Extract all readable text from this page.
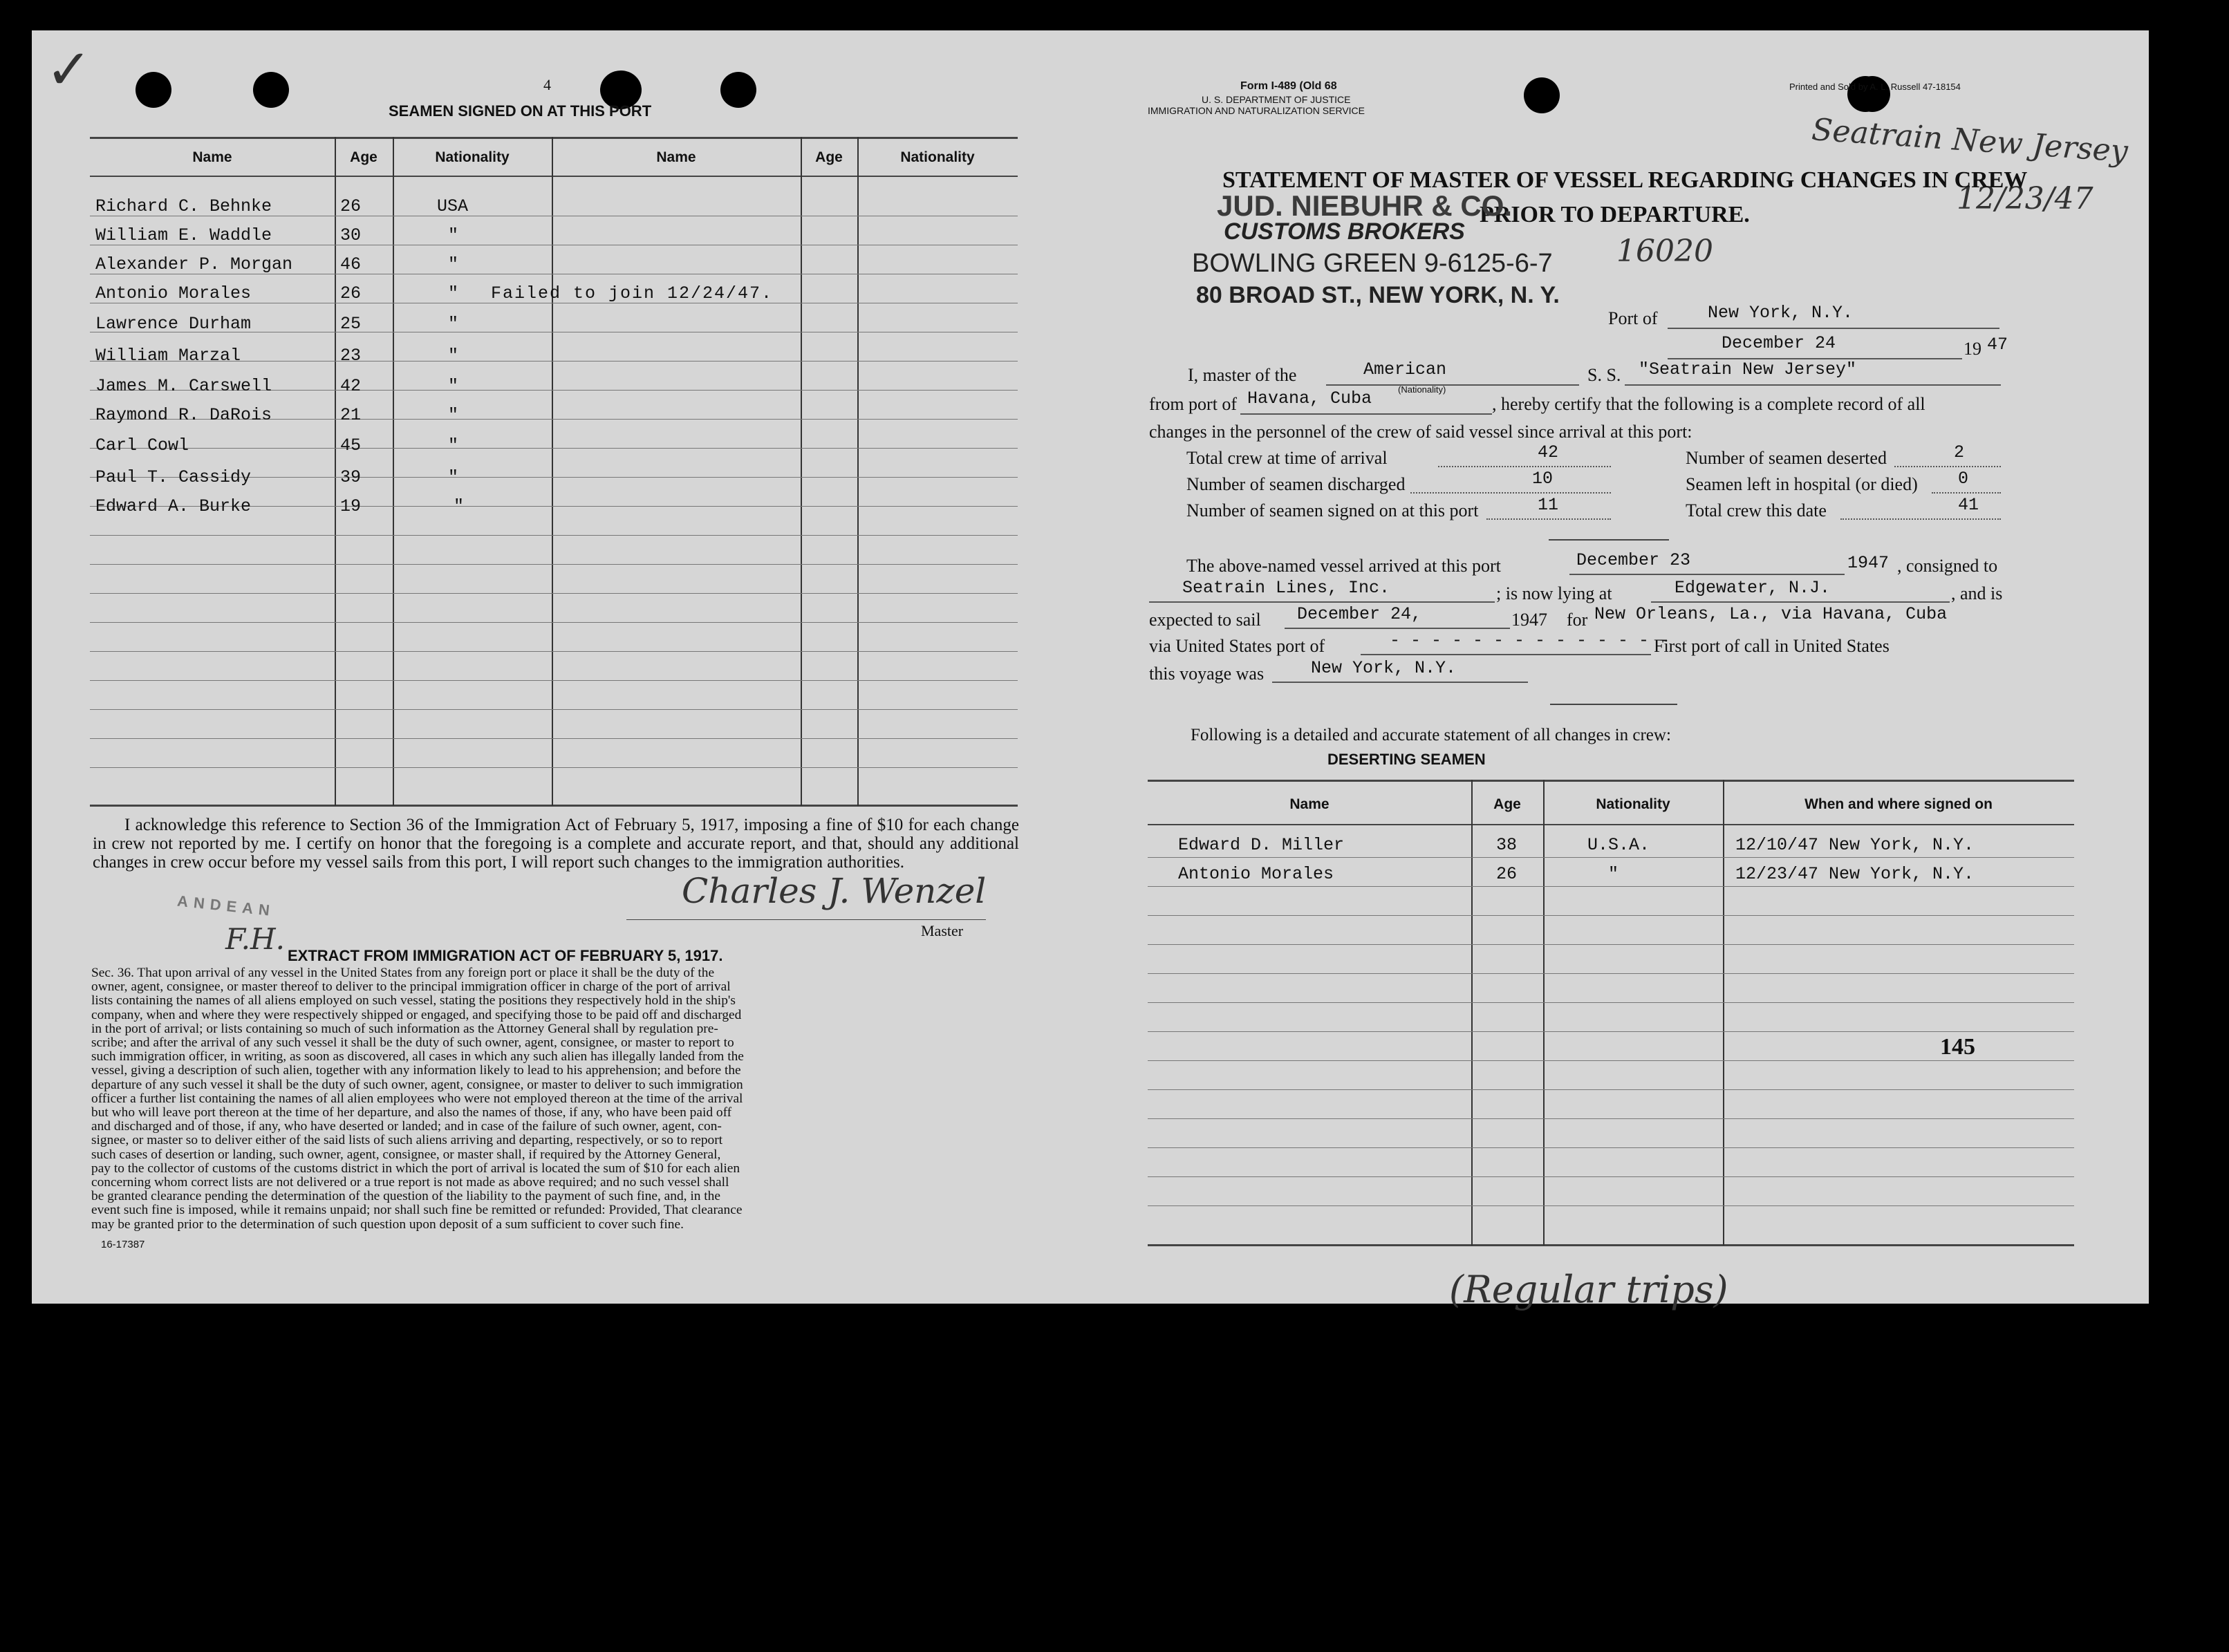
✓	4
SEAMEN SIGNED ON AT THIS PORT
Name	Age	Nationality	Name	Age	Nationality
Richard C. Behnke	26	USA
William E. Waddle	30	"
Alexander P. Morgan	46	"
Antonio Morales	26	" Failed to join 12/24/47.
Lawrence Durham	25	"
William Marzal	23	"
James M. Carswell	42	"
Raymond R. DaRois	21	"
Carl Cowl	45	"
Paul T. Cassidy	39	"
Edward A. Burke	19	"
I acknowledge this reference to Section 36 of the Immigration Act of February 5, 1917, imposing a fine of $10 for each change in crew not reported by me. I certify on honor that the foregoing is a complete and accurate report, and that, should any additional changes in crew occur before my vessel sails from this port, I will report such changes to the immigration authorities.
Charles J. Wenzel
Master
ANDEAN
F.H. EXTRACT FROM IMMIGRATION ACT OF FEBRUARY 5, 1917.
Sec. 36. That upon arrival of any vessel in the United States from any foreign port or place it shall be the duty of the
owner, agent, consignee, or master thereof to deliver to the principal immigration officer in charge of the port of arrival
lists containing the names of all aliens employed on such vessel, stating the positions they respectively hold in the ship's
company, when and where they were respectively shipped or engaged, and specifying those to be paid off and discharged
in the port of arrival; or lists containing so much of such information as the Attorney General shall by regulation pre-
scribe; and after the arrival of any such vessel it shall be the duty of such owner, agent, consignee, or master to report to
such immigration officer, in writing, as soon as discovered, all cases in which any such alien has illegally landed from the
vessel, giving a description of such alien, together with any information likely to lead to his apprehension; and before the
departure of any such vessel it shall be the duty of such owner, agent, consignee, or master to deliver to such immigration
officer a further list containing the names of all alien employees who were not employed thereon at the time of the arrival
but who will leave port thereon at the time of her departure, and also the names of those, if any, who have been paid off
and discharged and of those, if any, who have deserted or landed; and in case of the failure of such owner, agent, con-
signee, or master so to deliver either of the said lists of such aliens arriving and departing, respectively, or so to report
such cases of desertion or landing, such owner, agent, consignee, or master shall, if required by the Attorney General,
pay to the collector of customs of the customs district in which the port of arrival is located the sum of $10 for each alien
concerning whom correct lists are not delivered or a true report is not made as above required; and no such vessel shall
be granted clearance pending the determination of the question of the liability to the payment of such fine, and, in the
event such fine is imposed, while it remains unpaid; nor shall such fine be remitted or refunded: Provided, That clearance
may be granted prior to the determination of such question upon deposit of a sum sufficient to cover such fine.
16-17387
Form I-489 (Old 68
U. S. DEPARTMENT OF JUSTICE
IMMIGRATION AND NATURALIZATION SERVICE
Printed and Sold by A. L. Russell 47-18154
Seatrain New Jersey
12/23/47
STATEMENT OF MASTER OF VESSEL REGARDING CHANGES IN CREW
PRIOR TO DEPARTURE.
JUD. NIEBUHR & CO.
CUSTOMS BROKERS
BOWLING GREEN 9-6125-6-7
80 BROAD ST., NEW YORK, N. Y.
16020
Port of	New York, N.Y.
December 24	19 47
I, master of the	American	S. S. "Seatrain New Jersey"
from port of Havana, Cuba	(Nationality)
, hereby certify that the following is a complete record of all
changes in the personnel of the crew of said vessel since arrival at this port:
Total crew at time of arrival	42	Number of seamen deserted	2
Number of seamen discharged	10	Seamen left in hospital (or died) 0
Number of seamen signed on at this port	11	Total crew this date	41
The above-named vessel arrived at this port	December 23	1947 , consigned to
Seatrain Lines, Inc.	; is now lying at	Edgewater, N.J.	, and is
expected to sail December 24,	1947 for New Orleans, La., via Havana, Cuba
via United States port of	- - - - - - - - - - - - - -
First port of call in United States
this voyage was	New York, N.Y.
Following is a detailed and accurate statement of all changes in crew:
DESERTING SEAMEN
Name	Age	Nationality	When and where signed on
Edward D. Miller	38	U.S.A.	12/10/47 New York, N.Y.
Antonio Morales	26	"	12/23/47 New York, N.Y.
145
(Regular trips)
